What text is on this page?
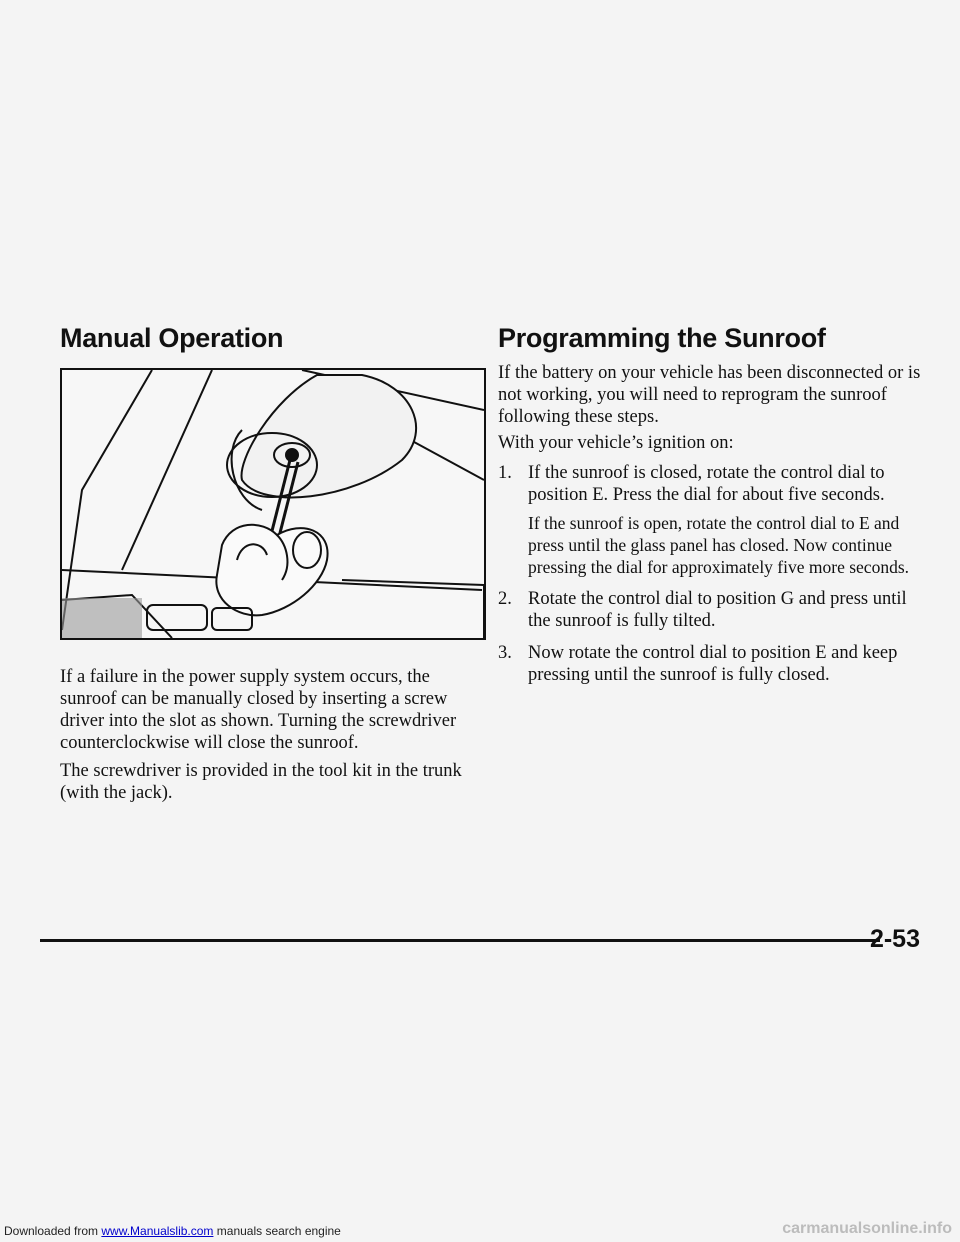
Manual Operation

If a failure in the power supply system occurs, the sunroof can be manually closed by inserting a screw driver into the slot as shown. Turning the screwdriver counterclockwise will close the sunroof.

The screwdriver is provided in the tool kit in the trunk (with the jack).

Programming the Sunroof

If the battery on your vehicle has been disconnected or is not working, you will need to reprogram the sunroof following these steps.

With your vehicle’s ignition on:

1. If the sunroof is closed, rotate the control dial to position E. Press the dial for about five seconds.
If the sunroof is open, rotate the control dial to E and press until the glass panel has closed. Now continue pressing the dial for approximately five more seconds.
2. Rotate the control dial to position G and press until the sunroof is fully tilted.
3. Now rotate the control dial to position E and keep pressing until the sunroof is fully closed.
2-53
Downloaded from www.Manualslib.com manuals search engine	carmanualsonline.info
